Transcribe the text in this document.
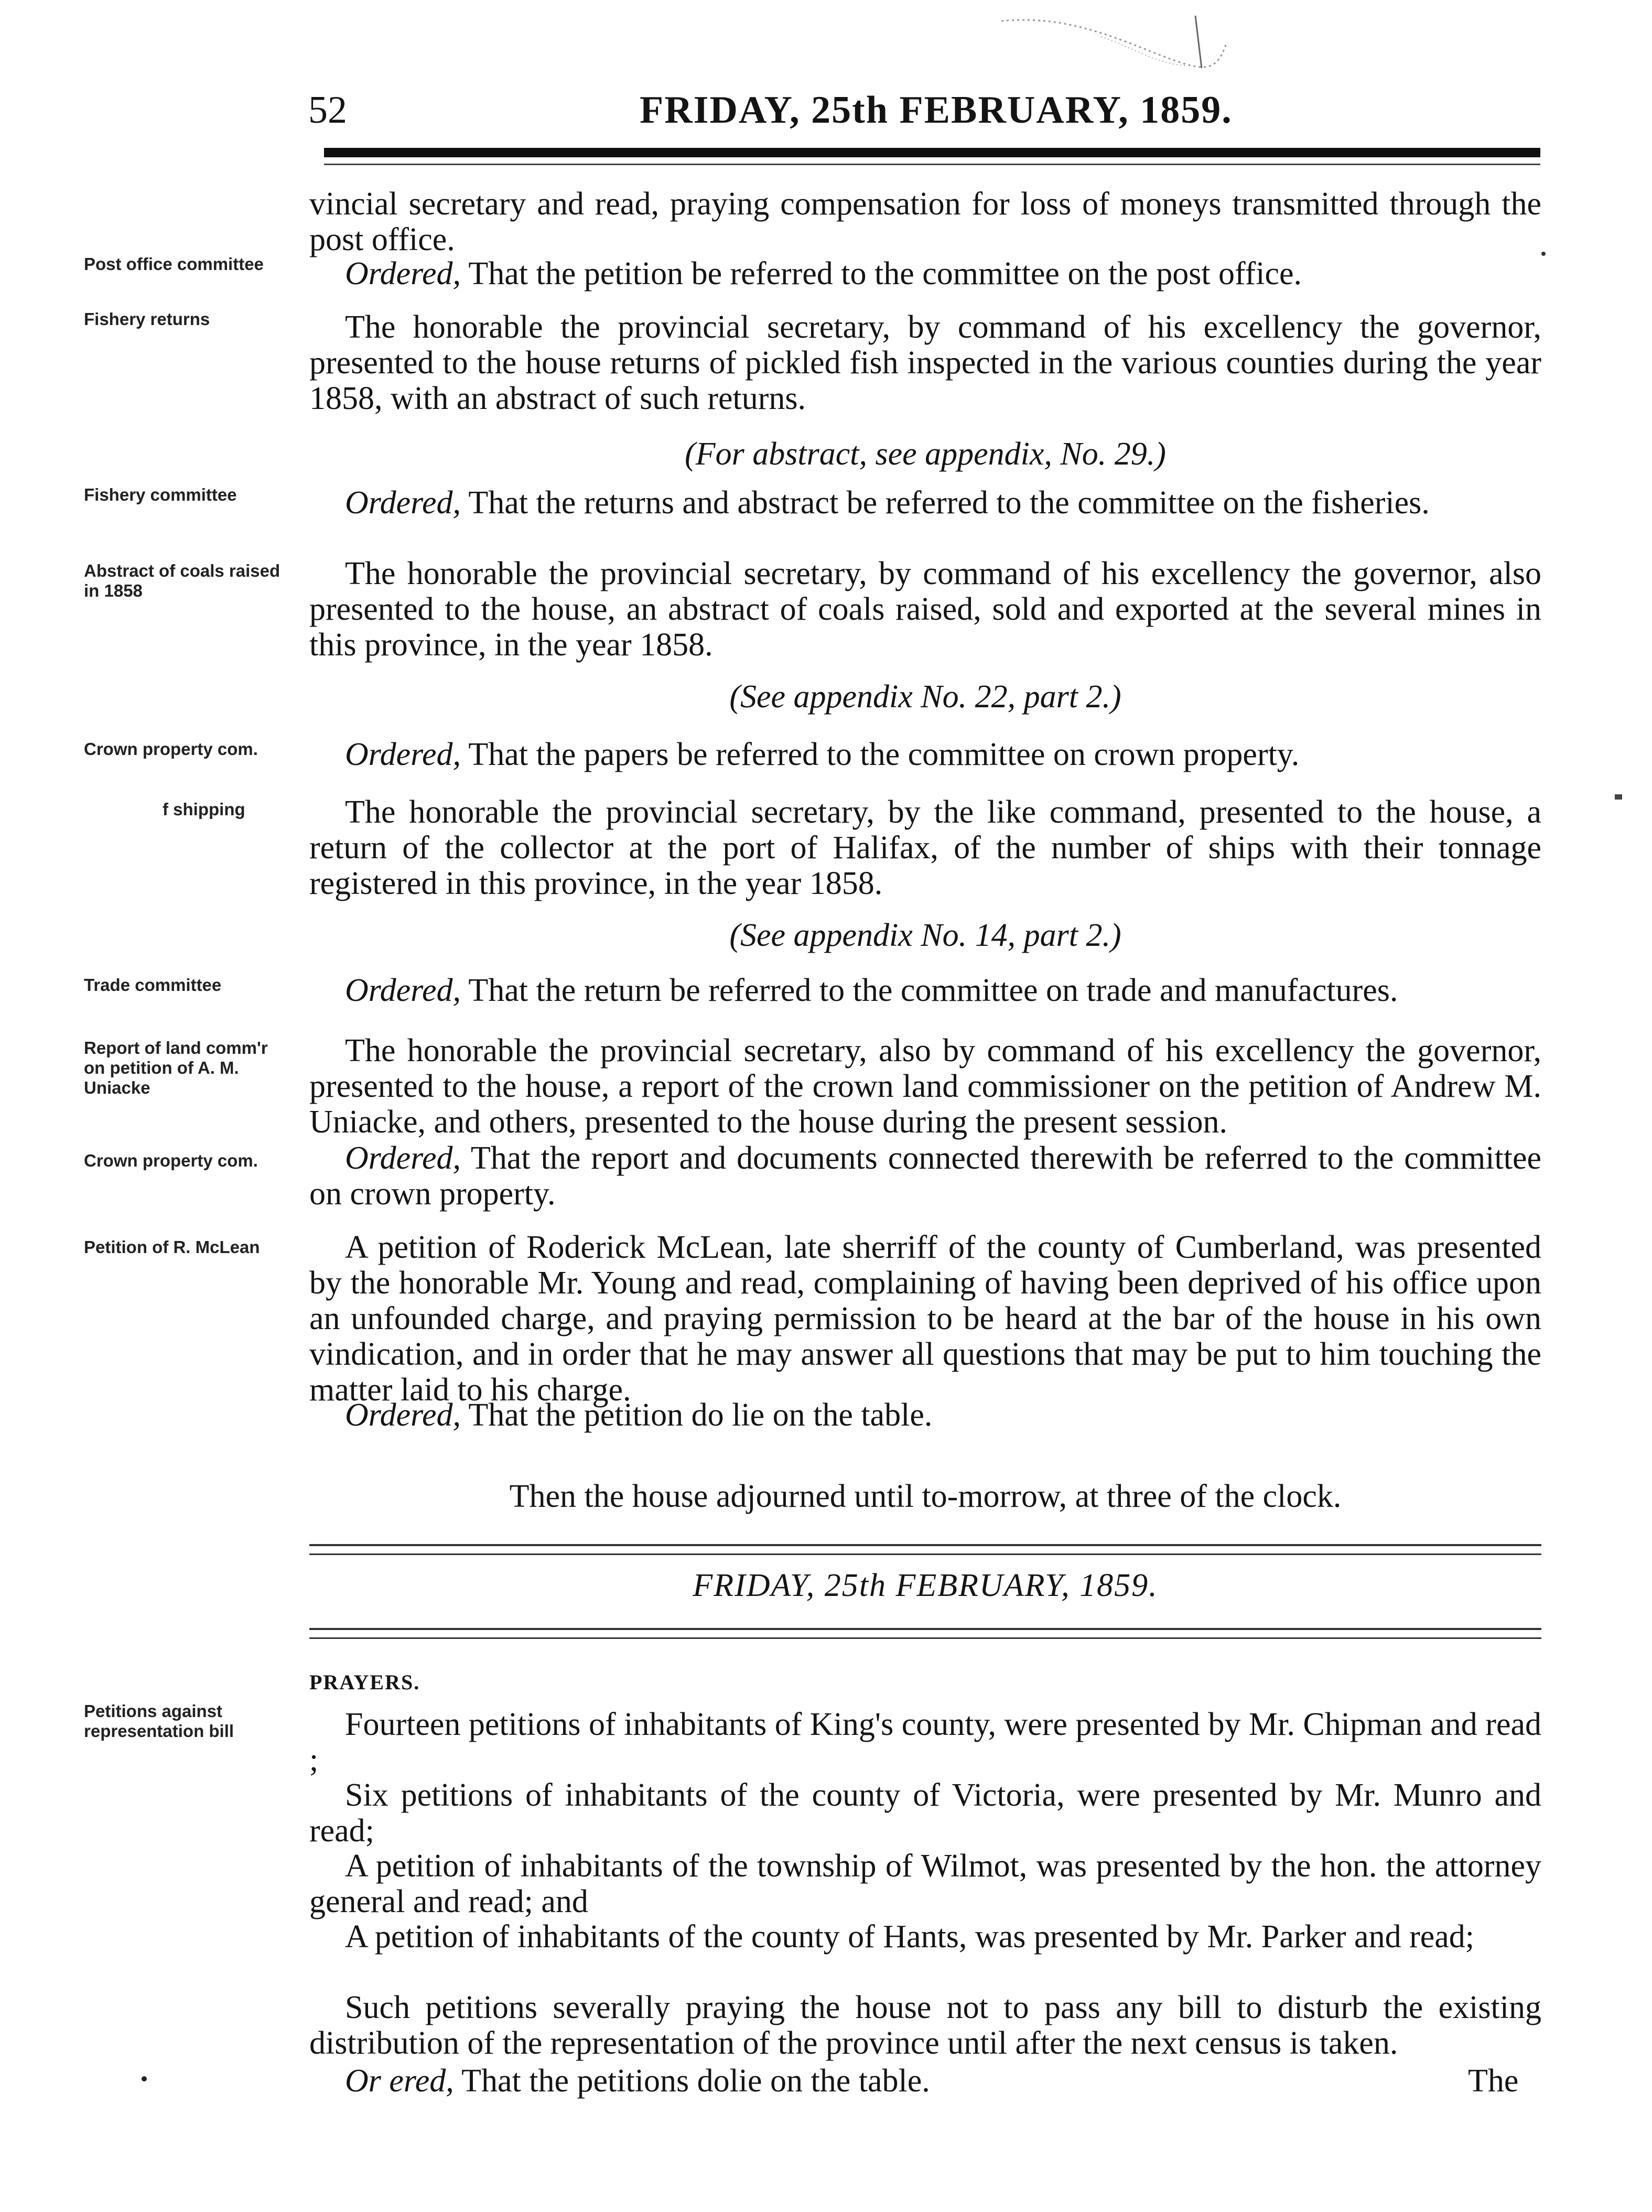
52	FRIDAY, 25th FEBRUARY, 1859.
Post office committee
Fishery returns
Fishery committee
Abstract of coals raised in 1858
Crown property com.
f shipping
Trade committee
Report of land comm'r on petition of A. M. Uniacke
Crown property com.
Petition of R. McLean
Petitions against representation bill
vincial secretary and read, praying compensation for loss of moneys transmitted through the post office.
Ordered, That the petition be referred to the committee on the post office.
The honorable the provincial secretary, by command of his excellency the governor, presented to the house returns of pickled fish inspected in the various counties during the year 1858, with an abstract of such returns.
(For abstract, see appendix, No. 29.)
Ordered, That the returns and abstract be referred to the committee on the fisheries.
The honorable the provincial secretary, by command of his excellency the governor, also presented to the house, an abstract of coals raised, sold and exported at the several mines in this province, in the year 1858.
(See appendix No. 22, part 2.)
Ordered, That the papers be referred to the committee on crown property.
The honorable the provincial secretary, by the like command, presented to the house, a return of the collector at the port of Halifax, of the number of ships with their tonnage registered in this province, in the year 1858.
(See appendix No. 14, part 2.)
Ordered, That the return be referred to the committee on trade and manufactures.
The honorable the provincial secretary, also by command of his excellency the governor, presented to the house, a report of the crown land commissioner on the petition of Andrew M. Uniacke, and others, presented to the house during the present session.
Ordered, That the report and documents connected therewith be referred to the committee on crown property.
A petition of Roderick McLean, late sherriff of the county of Cumberland, was presented by the honorable Mr. Young and read, complaining of having been deprived of his office upon an unfounded charge, and praying permission to be heard at the bar of the house in his own vindication, and in order that he may answer all questions that may be put to him touching the matter laid to his charge.
Ordered, That the petition do lie on the table.
Then the house adjourned until to-morrow, at three of the clock.
FRIDAY, 25th FEBRUARY, 1859.
PRAYERS.
Fourteen petitions of inhabitants of King's county, were presented by Mr. Chipman and read ;
Six petitions of inhabitants of the county of Victoria, were presented by Mr. Munro and read;
A petition of inhabitants of the township of Wilmot, was presented by the hon. the attorney general and read; and
A petition of inhabitants of the county of Hants, was presented by Mr. Parker and read;
Such petitions severally praying the house not to pass any bill to disturb the existing distribution of the representation of the province until after the next census is taken.
Or ered, That the petitions dolie on the table.	The
